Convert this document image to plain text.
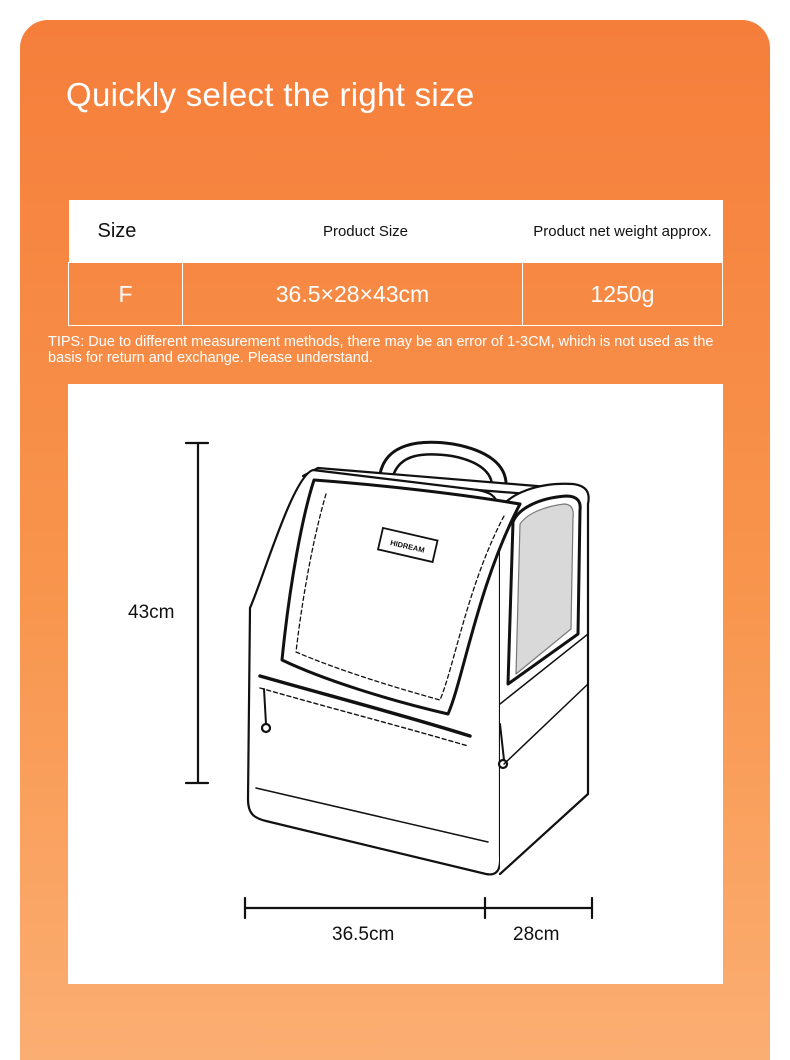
Quickly select the right size
Size	Product Size	Product net weight approx.
F	36.5×28×43cm	1250g

TIPS: Due to different measurement methods, there may be an error of 1-3CM, which is not used as the basis for return and exchange. Please understand.

HIDREAM
43cm
36.5cm	28cm
